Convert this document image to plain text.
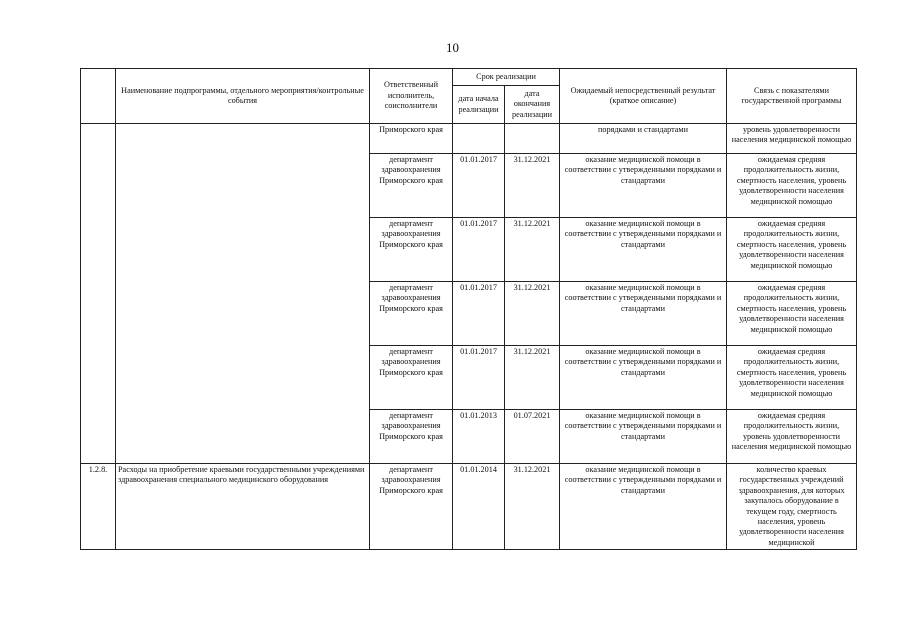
10
	Наименование подпрограммы, отдельного мероприятия/контрольные события	Ответственный исполнитель, соисполнители	Срок реализации		Ожидаемый непосредственный результат (краткое описание)	Связь с показателями государственной программы
			дата начала реализации	дата окончания реализации		
		Приморского края			порядками и стандартами	уровень удовлетворенности населения медицинской помощью
		департамент здравоохранения Приморского края	01.01.2017	31.12.2021	оказание медицинской помощи в соответствии с утвержденными порядками и стандартами	ожидаемая средняя продолжительность жизни, смертность населения, уровень удовлетворенности населения медицинской помощью
		департамент здравоохранения Приморского края	01.01.2017	31.12.2021	оказание медицинской помощи в соответствии с утвержденными порядками и стандартами	ожидаемая средняя продолжительность жизни, смертность населения, уровень удовлетворенности населения медицинской помощью
		департамент здравоохранения Приморского края	01.01.2017	31.12.2021	оказание медицинской помощи в соответствии с утвержденными порядками и стандартами	ожидаемая средняя продолжительность жизни, смертность населения, уровень удовлетворенности населения медицинской помощью
		департамент здравоохранения Приморского края	01.01.2017	31.12.2021	оказание медицинской помощи в соответствии с утвержденными порядками и стандартами	ожидаемая средняя продолжительность жизни, смертность населения, уровень удовлетворенности населения медицинской помощью
		департамент здравоохранения Приморского края	01.01.2013	01.07.2021	оказание медицинской помощи в соответствии с утвержденными порядками и стандартами	ожидаемая средняя продолжительность жизни, уровень удовлетворенности населения медицинской помощью
1.2.8.	Расходы на приобретение краевыми государственными учреждениями здравоохранения специального медицинского оборудования	департамент здравоохранения Приморского края	01.01.2014	31.12.2021	оказание медицинской помощи в соответствии с утвержденными порядками и стандартами	количество краевых государственных учреждений здравоохранения, для которых закупалось оборудование в текущем году, смертность населения, уровень удовлетворенности населения медицинской
